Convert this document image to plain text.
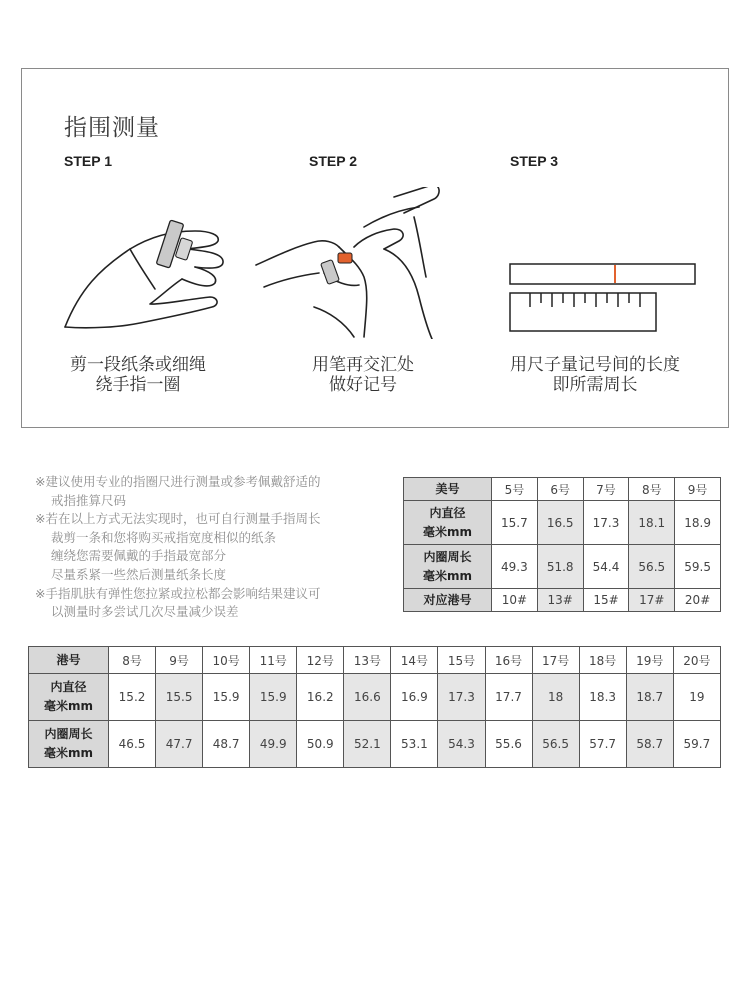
指围测量
STEP 1
剪一段纸条或细绳
绕手指一圈
STEP 2
用笔再交汇处
做好记号
STEP 3
用尺子量记号间的长度
即所需周长
※建议使用专业的指圈尺进行测量或参考佩戴舒适的
戒指推算尺码
※若在以上方式无法实现时，也可自行测量手指周长
裁剪一条和您将购买戒指宽度相似的纸条
缠绕您需要佩戴的手指最宽部分
尽量系紧一些然后测量纸条长度
※手指肌肤有弹性您拉紧或拉松都会影响结果建议可
以测量时多尝试几次尽量减少误差
美号	5号	6号	7号	8号	9号

内直径
毫米mm	15.7	16.5	17.3	18.1	18.9

内圈周长
毫米mm	49.3	51.8	54.4	56.5	59.5

对应港号	10#	13#	15#	17#	20#
港号	8号	9号	10号	11号	12号	13号	14号	15号	16号	17号	18号	19号	20号

内直径
毫米mm	15.2	15.5	15.9	15.9	16.2	16.6	16.9	17.3	17.7	18	18.3	18.7	19

内圈周长
毫米mm	46.5	47.7	48.7	49.9	50.9	52.1	53.1	54.3	55.6	56.5	57.7	58.7	59.7
